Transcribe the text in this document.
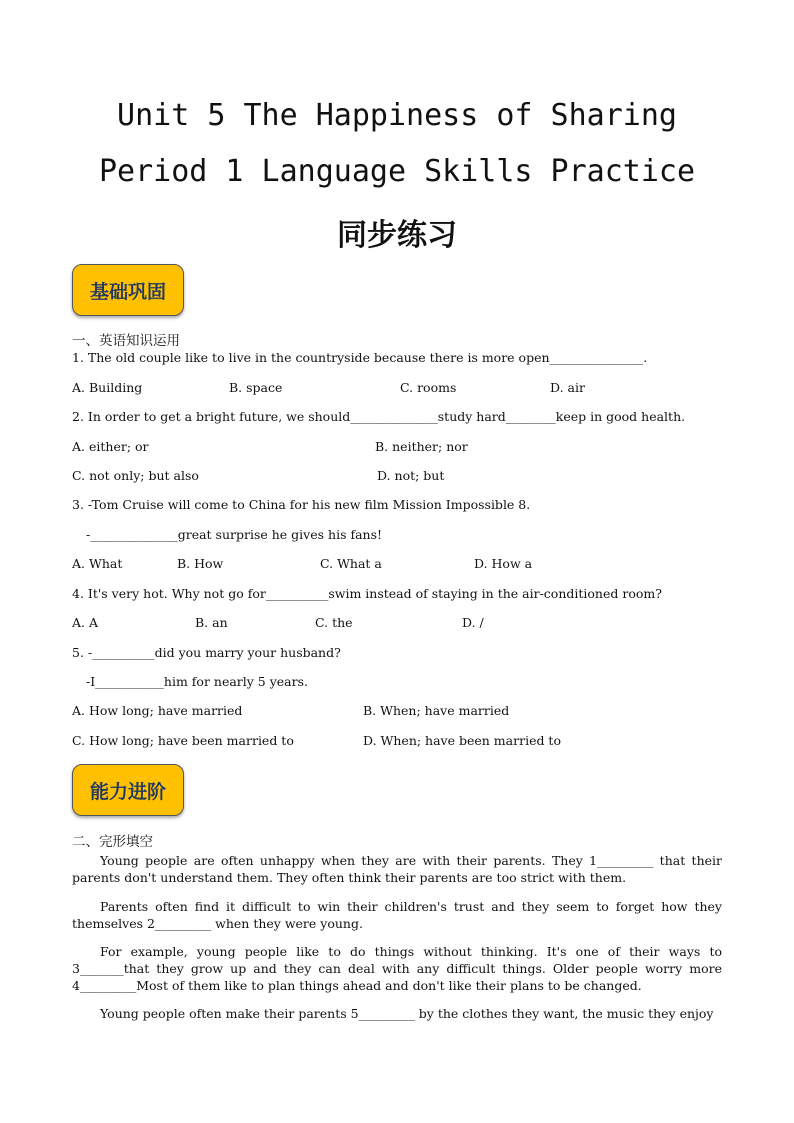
Unit 5 The Happiness of Sharing
Period 1 Language Skills Practice
同步练习
基础巩固
一、英语知识运用
1. The old couple like to live in the countryside because there is more open_______________.
A. Building	B. space	C. rooms	D. air
2. In order to get a bright future, we should______________study hard________keep in good health.
A. either; or	B. neither; nor
C. not only; but also	D. not; but
3. -Tom Cruise will come to China for his new film Mission Impossible 8.
-______________great surprise he gives his fans!
A. What	B. How	C. What a	D. How a
4. It's very hot. Why not go for__________swim instead of staying in the air-conditioned room?
A. A	B. an	C. the	D. /
5. -__________did you marry your husband?
-I___________him for nearly 5 years.
A. How long; have married	B. When; have married
C. How long; have been married to	D. When; have been married to
能力进阶
二、完形填空
Young people are often unhappy when they are with their parents. They 1_________ that their parents don't understand them. They often think their parents are too strict with them.
Parents often find it difficult to win their children's trust and they seem to forget how they themselves 2_________ when they were young.
For example, young people like to do things without thinking. It's one of their ways to 3_______that they grow up and they can deal with any difficult things. Older people worry more 4_________Most of them like to plan things ahead and don't like their plans to be changed.
Young people often make their parents 5_________ by the clothes they want, the music they enjoy
